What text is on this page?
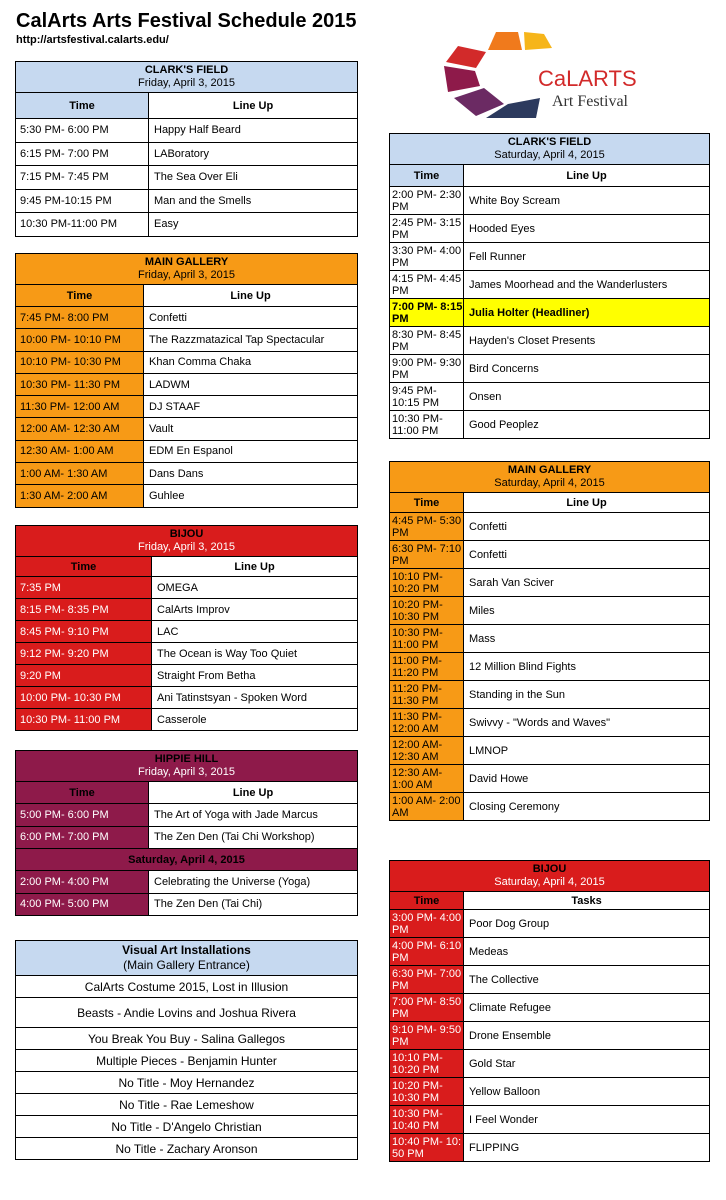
CalArts Arts Festival Schedule 2015
http://artsfestival.calarts.edu/
CaLARTS
Art Festival
CLARK'S FIELD
Friday, April 3, 2015	
Time	Line Up
5:30 PM- 6:00 PM	Happy Half Beard
6:15 PM- 7:00 PM	LABoratory
7:15 PM- 7:45 PM	The Sea Over Eli
9:45 PM-10:15 PM	Man and the Smells
10:30 PM-11:00 PM	Easy
MAIN GALLERY
Friday, April 3, 2015	
Time	Line Up
7:45 PM- 8:00 PM	Confetti
10:00 PM- 10:10 PM	The Razzmatazical Tap Spectacular
10:10 PM- 10:30 PM	Khan Comma Chaka
10:30 PM- 11:30 PM	LADWM
11:30 PM- 12:00 AM	DJ STAAF
12:00 AM- 12:30 AM	Vault
12:30 AM- 1:00 AM	EDM En Espanol
1:00 AM- 1:30 AM	Dans Dans
1:30 AM- 2:00 AM	Guhlee
BIJOU
Friday, April 3, 2015	
Time	Line Up
7:35 PM	OMEGA
8:15 PM- 8:35 PM	CalArts Improv
8:45 PM- 9:10 PM	LAC
9:12 PM- 9:20 PM	The Ocean is Way Too Quiet
9:20 PM	Straight From Betha
10:00 PM- 10:30 PM	Ani Tatinstsyan - Spoken Word
10:30 PM- 11:00 PM	Casserole
HIPPIE HILL
Friday, April 3, 2015	
Time	Line Up
5:00 PM- 6:00 PM	The Art of Yoga with Jade Marcus
6:00 PM- 7:00 PM	The Zen Den (Tai Chi Workshop)
Saturday, April 4, 2015	
2:00 PM- 4:00 PM	Celebrating the Universe (Yoga)
4:00 PM- 5:00 PM	The Zen Den (Tai Chi)
Visual Art Installations
(Main Gallery Entrance)

CalArts Costume 2015, Lost in Illusion
Beasts - Andie Lovins and Joshua Rivera
You Break You Buy - Salina Gallegos
Multiple Pieces - Benjamin Hunter
No Title - Moy Hernandez
No Title - Rae Lemeshow
No Title - D'Angelo Christian
No Title - Zachary Aronson
CLARK'S FIELD
Saturday, April 4, 2015	
Time	Line Up
2:00 PM- 2:30 PM	White Boy Scream
2:45 PM- 3:15 PM	Hooded Eyes
3:30 PM- 4:00 PM	Fell Runner
4:15 PM- 4:45 PM	James Moorhead and the Wanderlusters
7:00 PM- 8:15 PM	Julia Holter (Headliner)
8:30 PM- 8:45 PM	Hayden's Closet Presents
9:00 PM- 9:30 PM	Bird Concerns
9:45 PM- 10:15 PM	Onsen
10:30 PM- 11:00 PM	Good Peoplez
MAIN GALLERY
Saturday, April 4, 2015	
Time	Line Up
4:45 PM- 5:30 PM	Confetti
6:30 PM- 7:10 PM	Confetti
10:10 PM- 10:20 PM	Sarah Van Sciver
10:20 PM- 10:30 PM	Miles
10:30 PM- 11:00 PM	Mass
11:00 PM- 11:20 PM	12 Million Blind Fights
11:20 PM- 11:30 PM	Standing in the Sun
11:30 PM- 12:00 AM	Swivvy - "Words and Waves"
12:00 AM- 12:30 AM	LMNOP
12:30 AM- 1:00 AM	David Howe
1:00 AM- 2:00 AM	Closing Ceremony
BIJOU
Saturday, April 4, 2015	
Time	Tasks
3:00 PM- 4:00 PM	Poor Dog Group
4:00 PM- 6:10 PM	Medeas
6:30 PM- 7:00 PM	The Collective
7:00 PM- 8:50 PM	Climate Refugee
9:10 PM- 9:50 PM	Drone Ensemble
10:10 PM- 10:20 PM	Gold Star
10:20 PM- 10:30 PM	Yellow Balloon
10:30 PM- 10:40 PM	I Feel Wonder
10:40 PM- 10: 50 PM	FLIPPING
